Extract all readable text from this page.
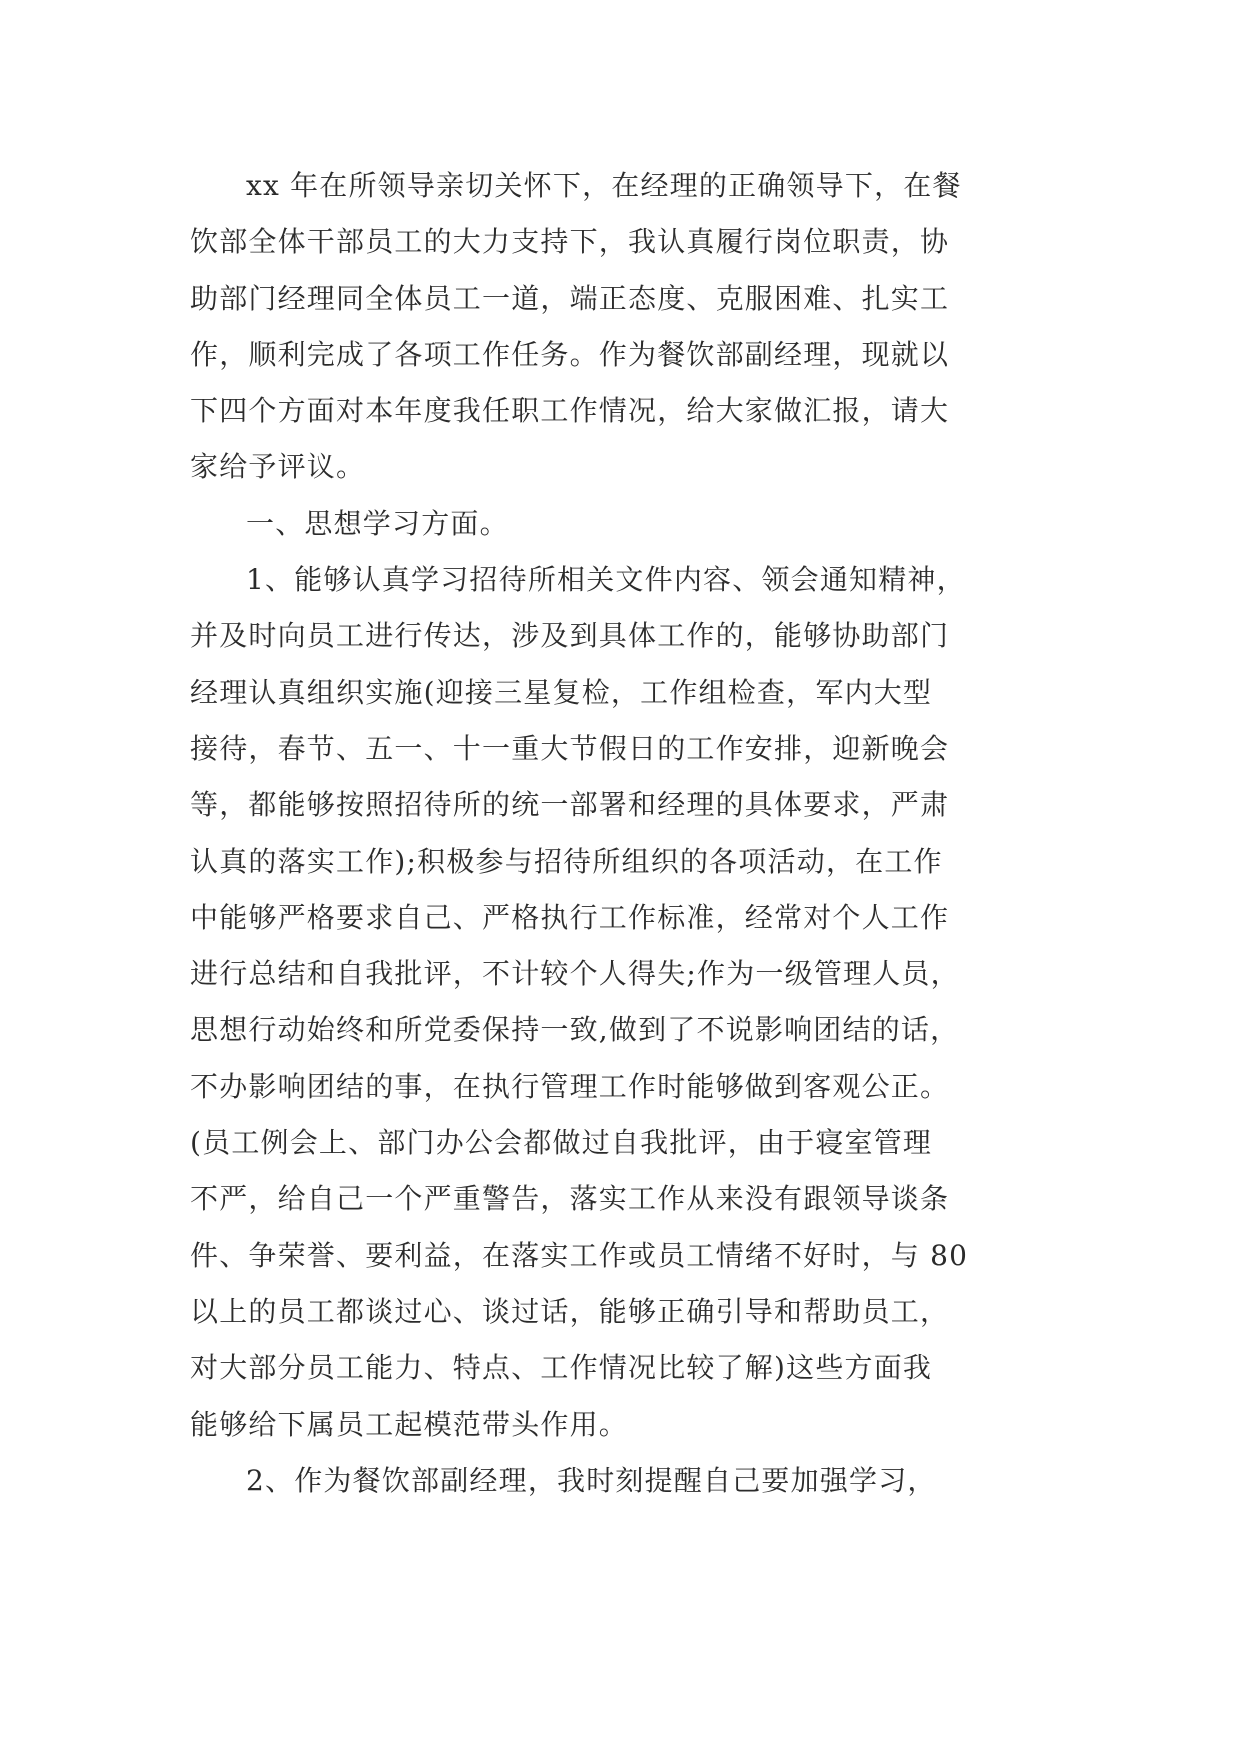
xx 年在所领导亲切关怀下，在经理的正确领导下，在餐
饮部全体干部员工的大力支持下，我认真履行岗位职责，协
助部门经理同全体员工一道，端正态度、克服困难、扎实工
作，顺利完成了各项工作任务。作为餐饮部副经理，现就以
下四个方面对本年度我任职工作情况，给大家做汇报，请大
家给予评议。

一、思想学习方面。

1、能够认真学习招待所相关文件内容、领会通知精神，
并及时向员工进行传达，涉及到具体工作的，能够协助部门
经理认真组织实施(迎接三星复检，工作组检查，军内大型
接待，春节、五一、十一重大节假日的工作安排，迎新晚会
等，都能够按照招待所的统一部署和经理的具体要求，严肃
认真的落实工作);积极参与招待所组织的各项活动，在工作
中能够严格要求自己、严格执行工作标准，经常对个人工作
进行总结和自我批评，不计较个人得失;作为一级管理人员，
思想行动始终和所党委保持一致,做到了不说影响团结的话，
不办影响团结的事，在执行管理工作时能够做到客观公正。
(员工例会上、部门办公会都做过自我批评，由于寝室管理
不严，给自己一个严重警告，落实工作从来没有跟领导谈条
件、争荣誉、要利益，在落实工作或员工情绪不好时，与 80
以上的员工都谈过心、谈过话，能够正确引导和帮助员工，
对大部分员工能力、特点、工作情况比较了解)这些方面我
能够给下属员工起模范带头作用。

2、作为餐饮部副经理，我时刻提醒自己要加强学习，
